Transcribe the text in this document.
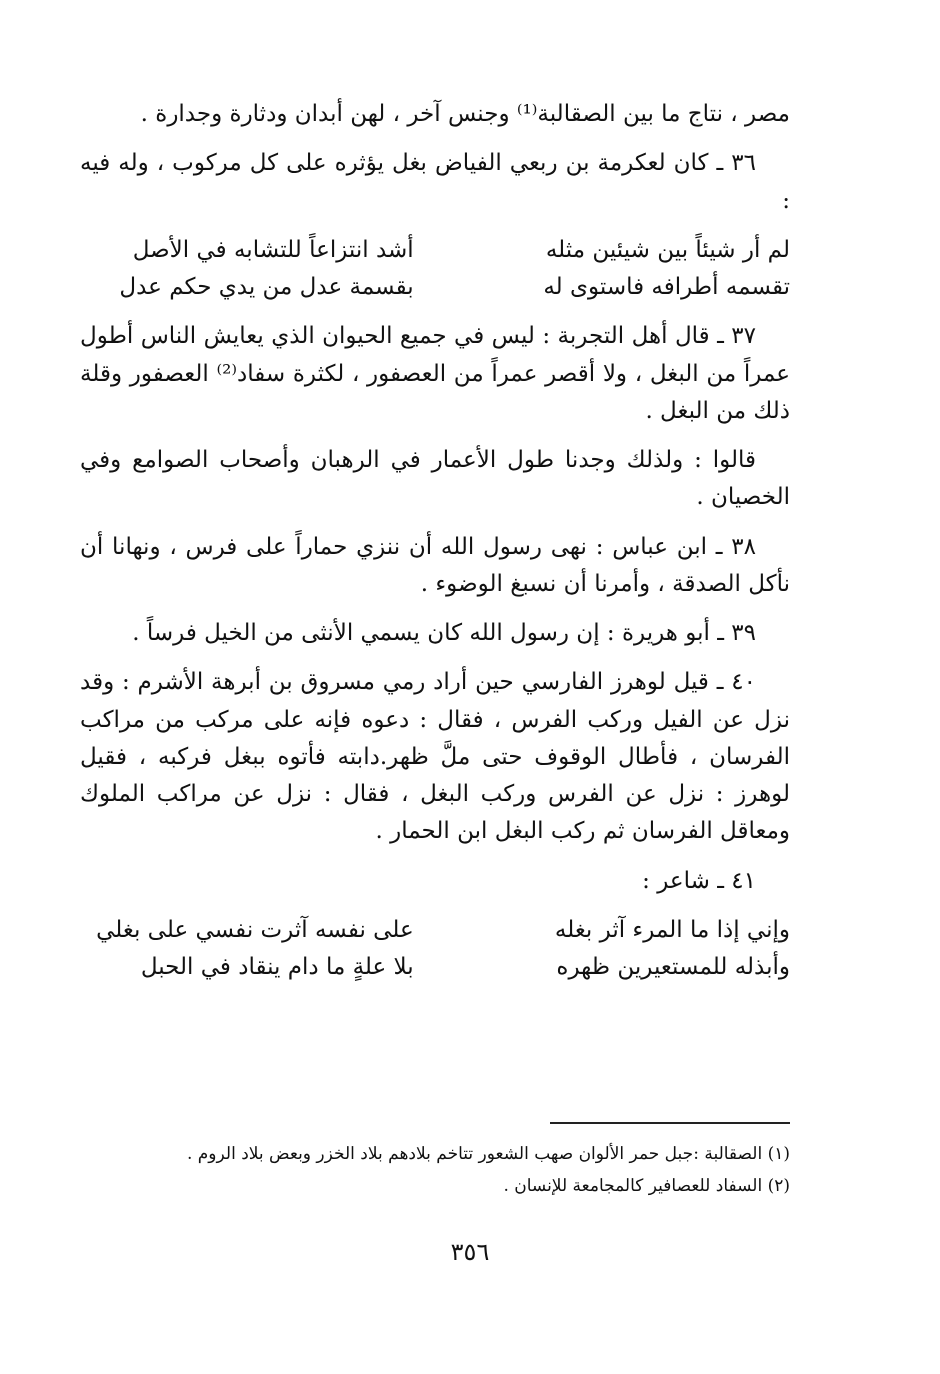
مصر ، نتاج ما بين الصقالبة⁽¹⁾ وجنس آخر ، لهن أبدان ودثارة وجدارة .

٣٦ ـ كان لعكرمة بن ربعي الفياض بغل يؤثره على كل مركوب ، وله فيه :

لم أر شيئاً بين شيئين مثله
أشد انتزاعاً للتشابه في الأصل
تقسمه أطرافه فاستوى له
بقسمة عدل من يدي حكم عدل

٣٧ ـ قال أهل التجربة : ليس في جميع الحيوان الذي يعايش الناس أطول عمراً من البغل ، ولا أقصر عمراً من العصفور ، لكثرة سفاد⁽²⁾ العصفور وقلة ذلك من البغل .

قالوا : ولذلك وجدنا طول الأعمار في الرهبان وأصحاب الصوامع وفي الخصيان .

٣٨ ـ ابن عباس : نهى رسول الله أن ننزي حماراً على فرس ، ونهانا أن نأكل الصدقة ، وأمرنا أن نسبغ الوضوء .

٣٩ ـ أبو هريرة : إن رسول الله كان يسمي الأنثى من الخيل فرساً .

٤٠ ـ قيل لوهرز الفارسي حين أراد رمي مسروق بن أبرهة الأشرم : وقد نزل عن الفيل وركب الفرس ، فقال : دعوه فإنه على مركب من مراكب الفرسان ، فأطال الوقوف حتى ملَّ ظهر.دابته فأتوه ببغل فركبه ، فقيل لوهرز : نزل عن الفرس وركب البغل ، فقال : نزل عن مراكب الملوك ومعاقل الفرسان ثم ركب البغل ابن الحمار .

٤١ ـ شاعر :

وإني إذا ما المرء آثر بغله
على نفسه آثرت نفسي على بغلي
وأبذله للمستعيرين ظهره
بلا علةٍ ما دام ينقاد في الحبل

(١) الصقالبة :جبل حمر الألوان صهب الشعور تتاخم بلادهم بلاد الخزر وبعض بلاد الروم .

(٢) السفاد للعصافير كالمجامعة للإنسان .

٣٥٦
